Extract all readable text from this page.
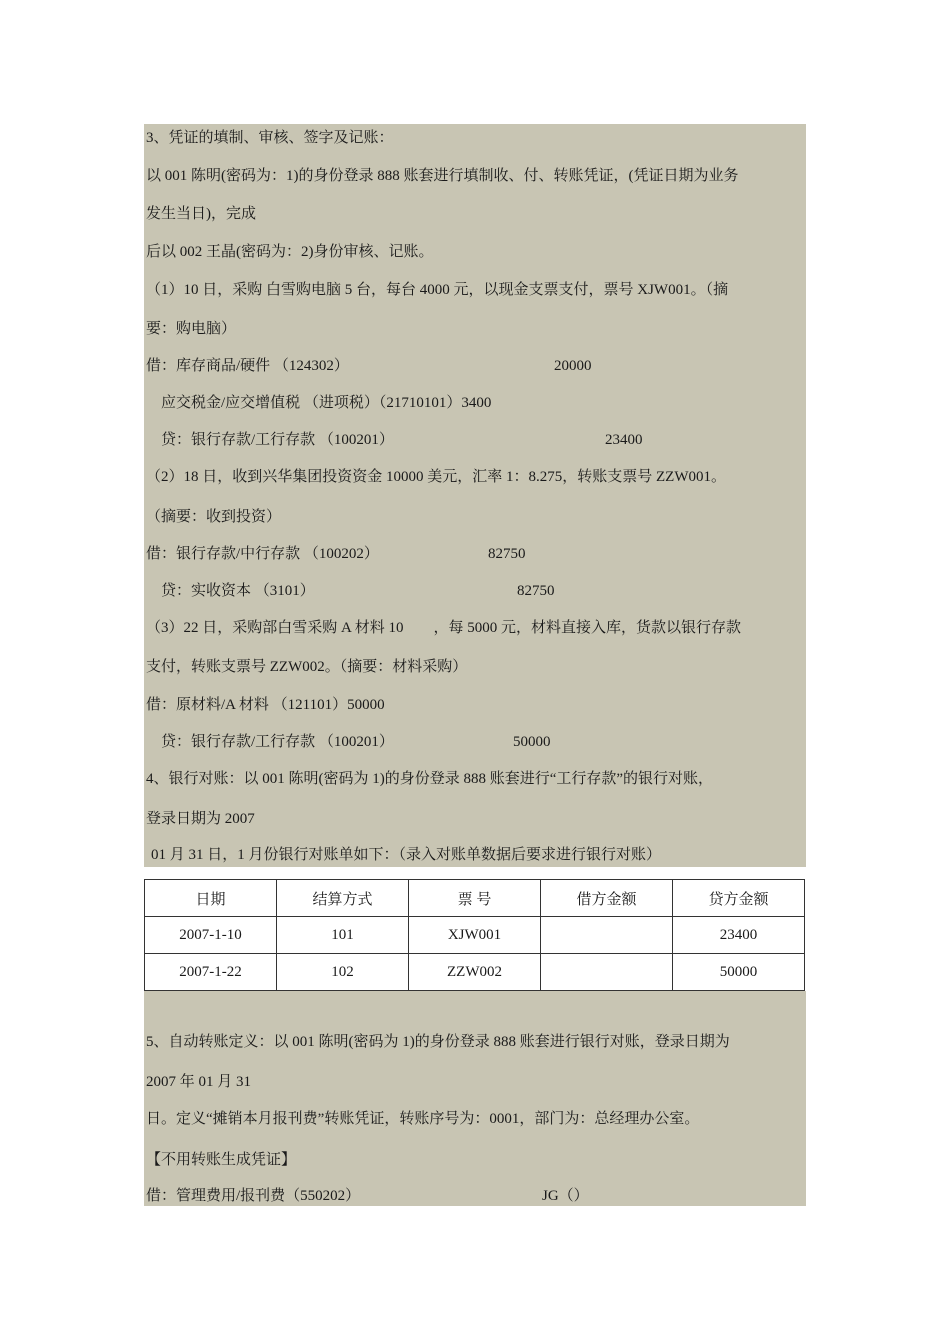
3、凭证的填制、审核、签字及记账：
以 001 陈明(密码为：1)的身份登录 888 账套进行填制收、付、转账凭证，(凭证日期为业务
发生当日)，完成
后以 002 王晶(密码为：2)身份审核、记账。
（1）10 日，采购 白雪购电脑 5 台，每台 4000 元，以现金支票支付，票号 XJW001。（摘
要：购电脑）
借：库存商品/硬件 （124302）	20000
应交税金/应交增值税 （进项税）（21710101）3400
贷：银行存款/工行存款 （100201）	23400
（2）18 日，收到兴华集团投资资金 10000 美元，汇率 1：8.275，转账支票号 ZZW001。
（摘要：收到投资）
借：银行存款/中行存款 （100202）	82750
贷：实收资本 （3101）	82750
（3）22 日，采购部白雪采购 A 材料 10　　，每 5000 元，材料直接入库，货款以银行存款
支付，转账支票号 ZZW002。（摘要：材料采购）
借：原材料/A 材料 （121101）50000
贷：银行存款/工行存款 （100201）	50000
4、银行对账：以 001 陈明(密码为 1)的身份登录 888 账套进行“工行存款”的银行对账，
登录日期为 2007
01 月 31 日，1 月份银行对账单如下：（录入对账单数据后要求进行银行对账）
日期	结算方式	票 号	借方金额	贷方金额
2007-1-10	101	XJW001		23400
2007-1-22	102	ZZW002		50000
5、自动转账定义：以 001 陈明(密码为 1)的身份登录 888 账套进行银行对账，登录日期为
2007 年 01 月 31
日。定义“摊销本月报刊费”转账凭证，转账序号为：0001，部门为：总经理办公室。
【不用转账生成凭证】
借：管理费用/报刊费（550202）	JG（）
